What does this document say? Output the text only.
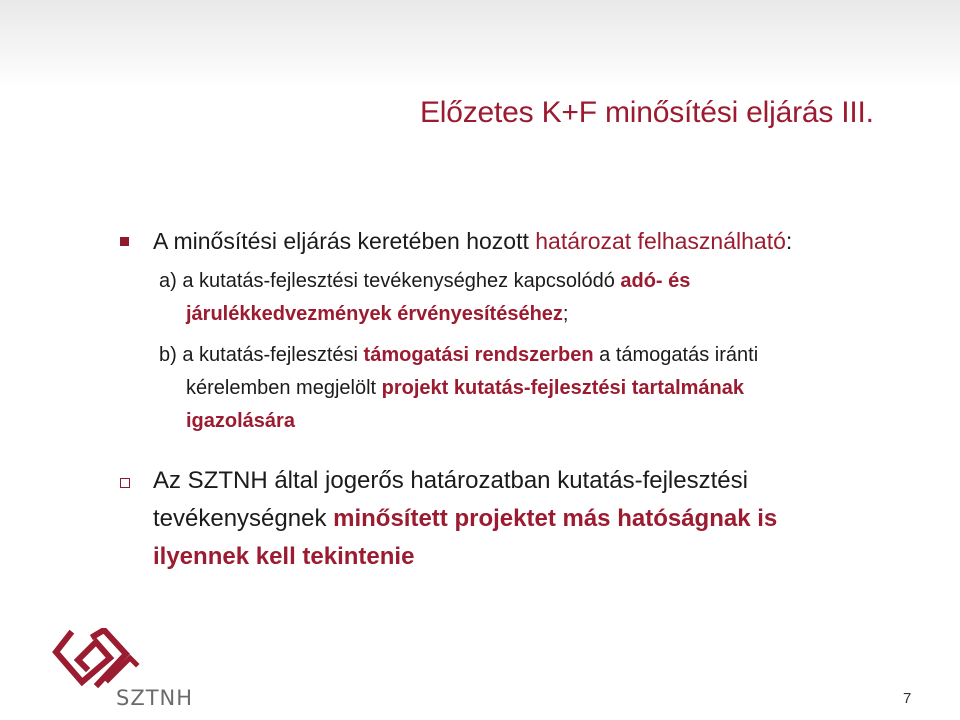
Előzetes K+F minősítési eljárás III.
A minősítési eljárás keretében hozott határozat felhasználható:
a) a kutatás-fejlesztési tevékenységhez kapcsolódó adó- és
járulékkedvezmények érvényesítéséhez;
b) a kutatás-fejlesztési támogatási rendszerben a támogatás iránti
kérelemben megjelölt projekt kutatás-fejlesztési tartalmának
igazolására
Az SZTNH által jogerős határozatban kutatás-fejlesztési
tevékenységnek minősített projektet más hatóságnak is
ilyennek kell tekintenie
SZTNH	7
